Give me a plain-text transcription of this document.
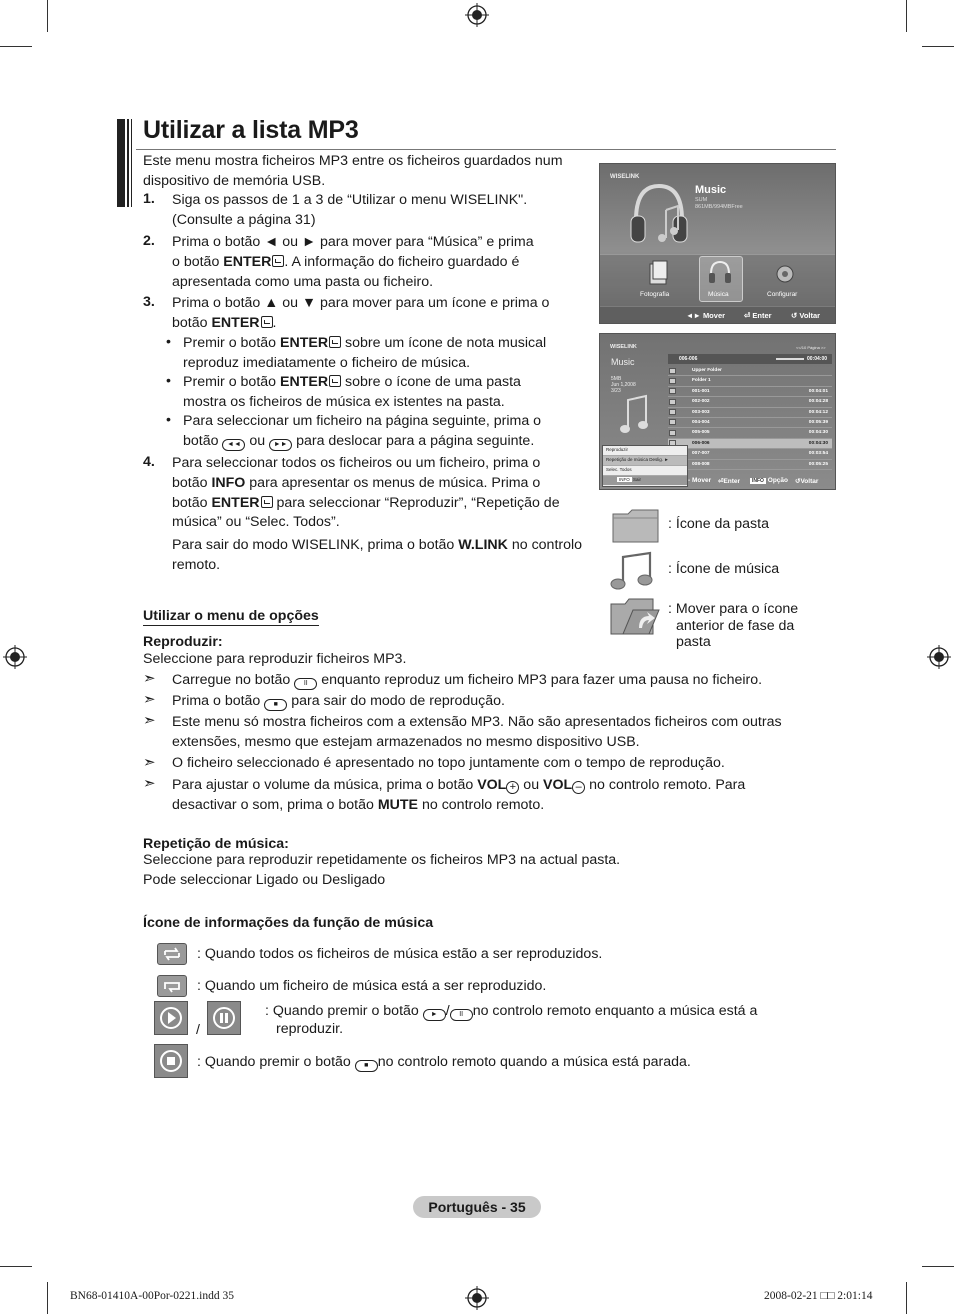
Utilizar a lista MP3
Este menu mostra ficheiros MP3 entre os ficheiros guardados num dispositivo de memória USB.
1. Siga os passos de 1 a 3 de “Utilizar o menu WISELINK".
(Consulte a página 31)
2. Prima o botão ◄ ou ► para mover para “Música” e prima
o botão ENTER . A informação do ficheiro guardado é
apresentada como uma pasta ou ficheiro.
3. Prima o botão ▲ ou ▼ para mover para um ícone e prima o
botão ENTER .
• Premir o botão ENTER sobre um ícone de nota musical
reproduz imediatamente o ficheiro de música.
• Premir o botão ENTER sobre o ícone de uma pasta
mostra os ficheiros de música ex istentes na pasta.
• Para seleccionar um ficheiro na página seguinte, prima o
botão ◄◄ ou ►► para deslocar para a página seguinte.
4. Para seleccionar todos os ficheiros ou um ficheiro, prima o
botão INFO para apresentar os menus de música. Prima o
botão ENTER para seleccionar “Reproduzir”, “Repetição de
música” ou “Selec. Todos”.
Para sair do modo WISELINK, prima o botão W.LINK no controlo
remoto.
WISELINK
Music
SUM
861MB/994MBFree
Fotografia	Música	Configurar
◄► Mover	⏎ Enter	↺ Voltar
WISELINK	<</10 Página >>
Music
5MB
Jun 1,2008
3/23
006-006	00:04:00
Upper Folder
Folder 1
001-001	00:04:01
002-002	00:04:28
003-003	00:04:12
004-004	00:05:39
005-005	00:04:30
006-006	00:04:30
007-007	00:03:54
008-008	00:05:25
Reproduzir
Repetição de música Deslig. ►
Selec. Todos
INFO Sair	- Mover ⏎Enter	INFO Opção ↺Voltar
: Ícone da pasta
: Ícone de música
: Mover para o ícone
anterior de fase da
pasta
Utilizar o menu de opções
Reproduzir:
Seleccione para reproduzir ficheiros MP3.
➣ Carregue no botão II enquanto reproduz um ficheiro MP3 para fazer uma pausa no ficheiro.
➣ Prima o botão ■ para sair do modo de reprodução.
➣ Este menu só mostra ficheiros com a extensão MP3. Não são apresentados ficheiros com outras
extensões, mesmo que estejam armazenados no mesmo dispositivo USB.
➣ O ficheiro seleccionado é apresentado no topo juntamente com o tempo de reprodução.
➣ Para ajustar o volume da música, prima o botão VOL + ou VOL – no controlo remoto. Para
desactivar o som, prima o botão MUTE no controlo remoto.
Repetição de música:
Seleccione para reproduzir repetidamente os ficheiros MP3 na actual pasta.
Pode seleccionar Ligado ou Desligado
Ícone de informações da função de música
: Quando todos os ficheiros de música estão a ser reproduzidos.
: Quando um ficheiro de música está a ser reproduzido.
/
: Quando premir o botão ► / II no controlo remoto enquanto a música está a
reproduzir.
: Quando premir o botão ■ no controlo remoto quando a música está parada.
Português - 35
BN68-01410A-00Por-0221.indd 35	2008-02-21 □□ 2:01:14
